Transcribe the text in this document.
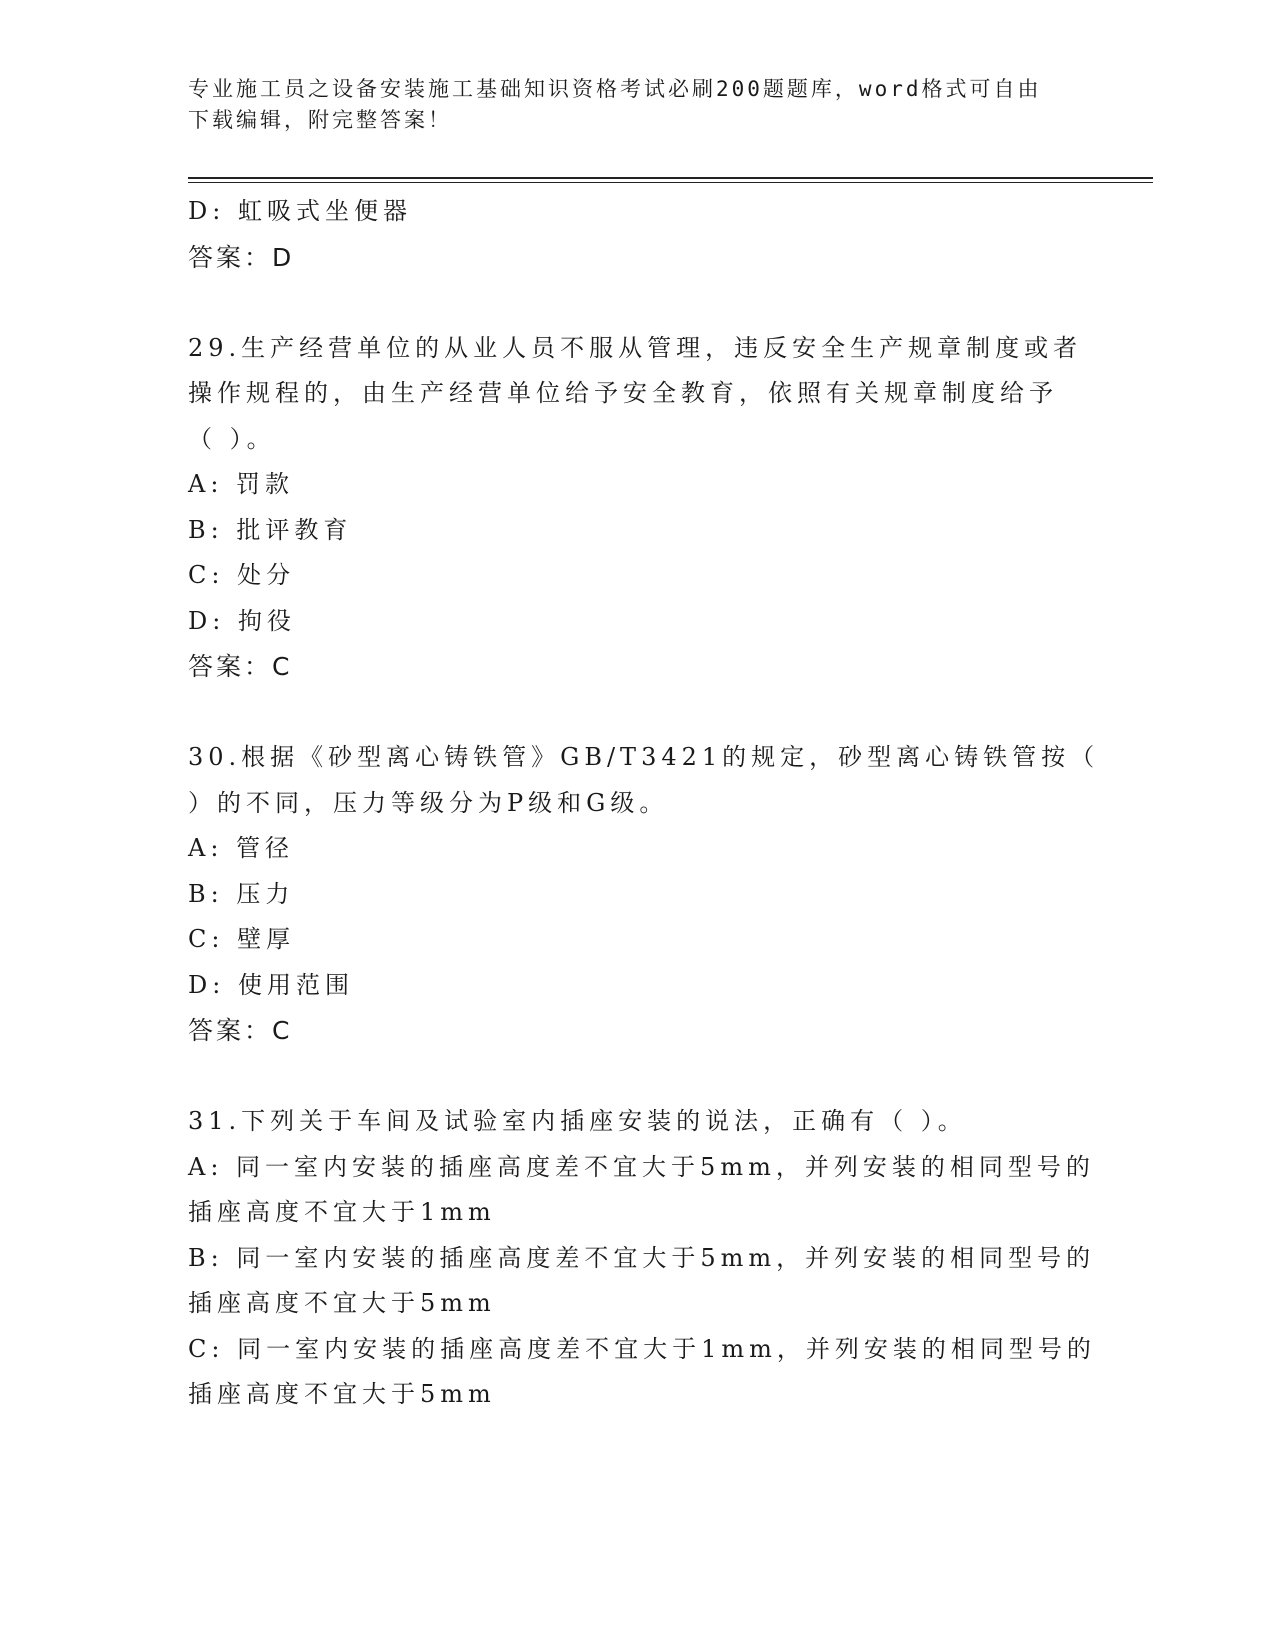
专业施工员之设备安装施工基础知识资格考试必刷200题题库，word格式可自由
下载编辑，附完整答案！
D: 虹吸式坐便器
答案：D
29.生产经营单位的从业人员不服从管理，违反安全生产规章制度或者
操作规程的，由生产经营单位给予安全教育，依照有关规章制度给予
（ ）。
A: 罚款
B: 批评教育
C: 处分
D: 拘役
答案：C
30.根据《砂型离心铸铁管》GB/T3421的规定，砂型离心铸铁管按（
）的不同，压力等级分为P级和G级。
A: 管径
B: 压力
C: 壁厚
D: 使用范围
答案：C
31.下列关于车间及试验室内插座安装的说法，正确有（ ）。
A: 同一室内安装的插座高度差不宜大于5mm，并列安装的相同型号的
插座高度不宜大于1mm
B: 同一室内安装的插座高度差不宜大于5mm，并列安装的相同型号的
插座高度不宜大于5mm
C: 同一室内安装的插座高度差不宜大于1mm，并列安装的相同型号的
插座高度不宜大于5mm
